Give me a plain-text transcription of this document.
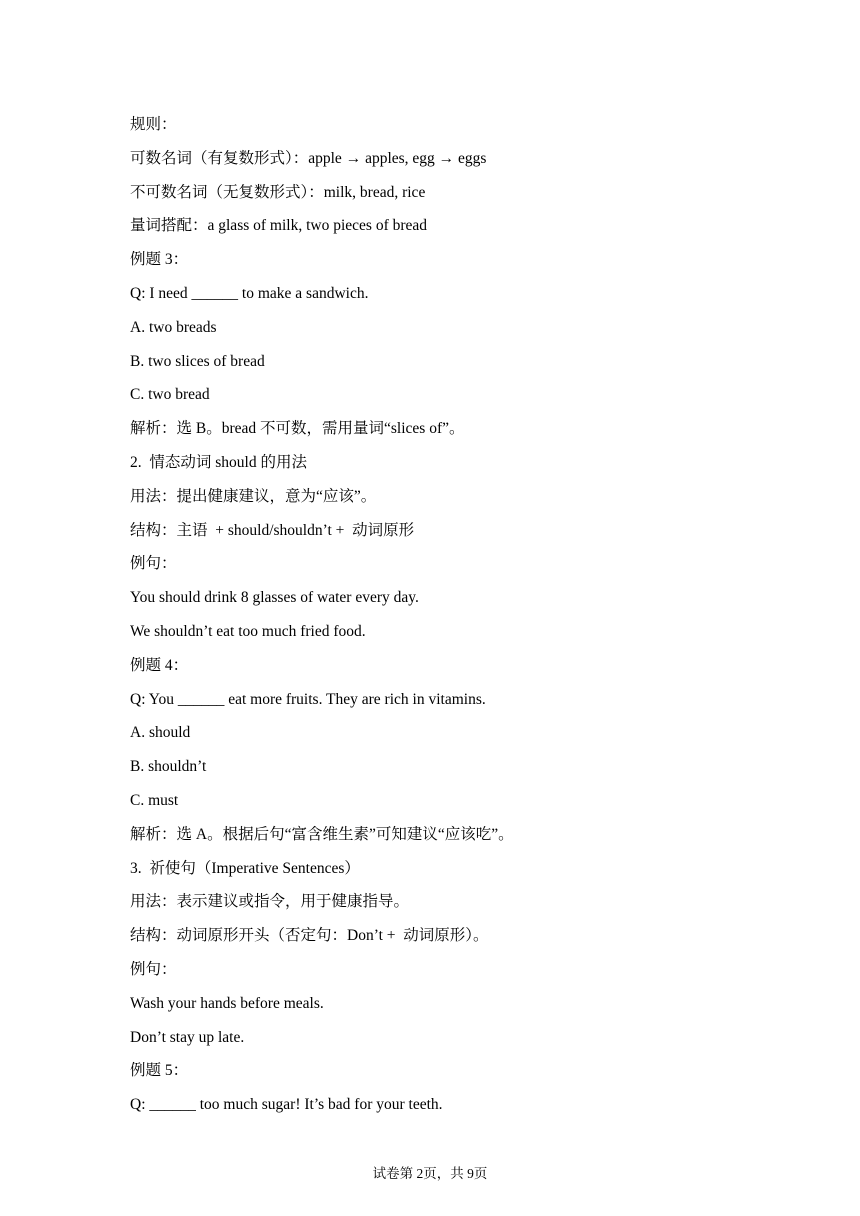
规则：
可数名词（有复数形式）：apple → apples, egg → eggs
不可数名词（无复数形式）：milk, bread, rice
量词搭配：a glass of milk, two pieces of bread
例题 3：
Q: I need ______ to make a sandwich.
A. two breads
B. two slices of bread
C. two bread
解析：选 B。bread 不可数，需用量词“slices of”。
2.  情态动词 should 的用法
用法：提出健康建议，意为“应该”。
结构：主语  + should/shouldn’t +  动词原形
例句：
You should drink 8 glasses of water every day.
We shouldn’t eat too much fried food.
例题 4：
Q: You ______ eat more fruits. They are rich in vitamins.
A. should
B. shouldn’t
C. must
解析：选 A。根据后句“富含维生素”可知建议“应该吃”。
3.  祈使句（Imperative Sentences）
用法：表示建议或指令，用于健康指导。
结构：动词原形开头（否定句：Don’t +  动词原形）。
例句：
Wash your hands before meals.
Don’t stay up late.
例题 5：
Q: ______ too much sugar! It’s bad for your teeth.
试卷第 2页，共 9页
